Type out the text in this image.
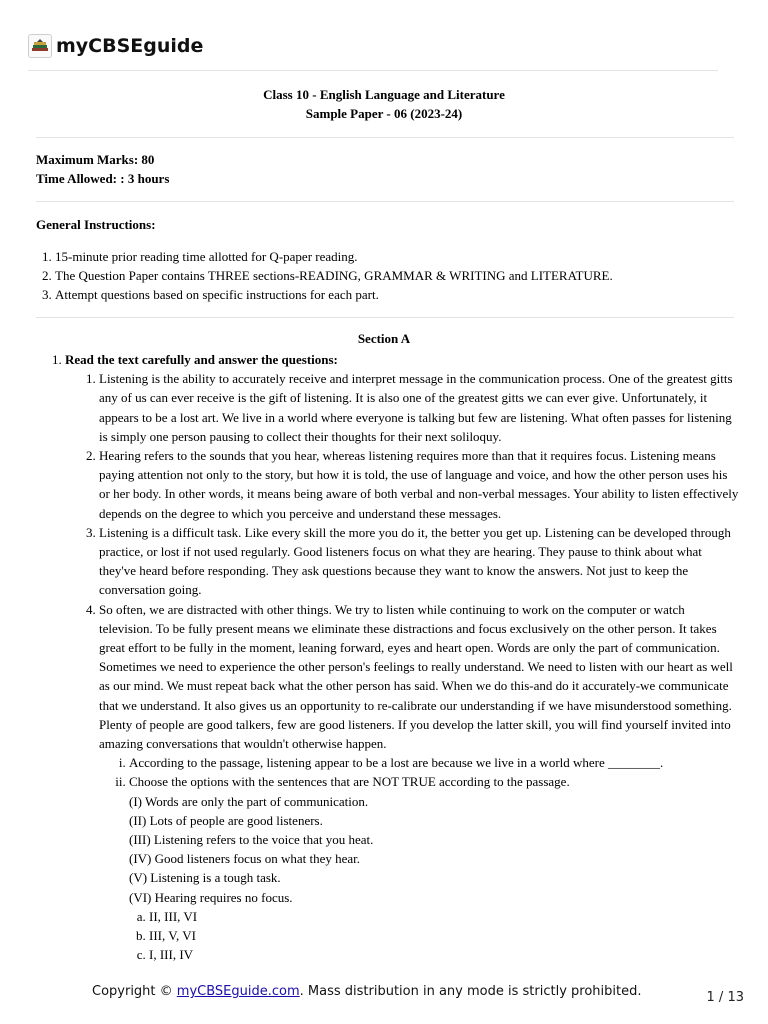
myCBSEguide
Class 10 - English Language and Literature
Sample Paper - 06 (2023-24)
Maximum Marks: 80
Time Allowed: : 3 hours
General Instructions:
1. 15-minute prior reading time allotted for Q-paper reading.
2. The Question Paper contains THREE sections-READING, GRAMMAR & WRITING and LITERATURE.
3. Attempt questions based on specific instructions for each part.
Section A
1. Read the text carefully and answer the questions:
1. Listening is the ability to accurately receive and interpret message in the communication process. One of the greatest gitts any of us can ever receive is the gift of listening. It is also one of the greatest gitts we can ever give. Unfortunately, it appears to be a lost art. We live in a world where everyone is talking but few are listening. What often passes for listening is simply one person pausing to collect their thoughts for their next soliloquy.
2. Hearing refers to the sounds that you hear, whereas listening requires more than that it requires focus. Listening means paying attention not only to the story, but how it is told, the use of language and voice, and how the other person uses his or her body. In other words, it means being aware of both verbal and non-verbal messages. Your ability to listen effectively depends on the degree to which you perceive and understand these messages.
3. Listening is a difficult task. Like every skill the more you do it, the better you get up. Listening can be developed through practice, or lost if not used regularly. Good listeners focus on what they are hearing. They pause to think about what they've heard before responding. They ask questions because they want to know the answers. Not just to keep the conversation going.
4. So often, we are distracted with other things. We try to listen while continuing to work on the computer or watch television. To be fully present means we eliminate these distractions and focus exclusively on the other person. It takes great effort to be fully in the moment, leaning forward, eyes and heart open. Words are only the part of communication. Sometimes we need to experience the other person's feelings to really understand. We need to listen with our heart as well as our mind. We must repeat back what the other person has said. When we do this-and do it accurately-we communicate that we understand. It also gives us an opportunity to re-calibrate our understanding if we have misunderstood something. Plenty of people are good talkers, few are good listeners. If you develop the latter skill, you will find yourself invited into amazing conversations that wouldn't otherwise happen.
i. According to the passage, listening appear to be a lost are because we live in a world where ________.
ii. Choose the options with the sentences that are NOT TRUE according to the passage.
(I) Words are only the part of communication.
(II) Lots of people are good listeners.
(III) Listening refers to the voice that you heat.
(IV) Good listeners focus on what they hear.
(V) Listening is a tough task.
(VI) Hearing requires no focus.
a. II, III, VI
b. III, V, VI
c. I, III, IV
Copyright © myCBSEguide.com. Mass distribution in any mode is strictly prohibited.	1 / 13
